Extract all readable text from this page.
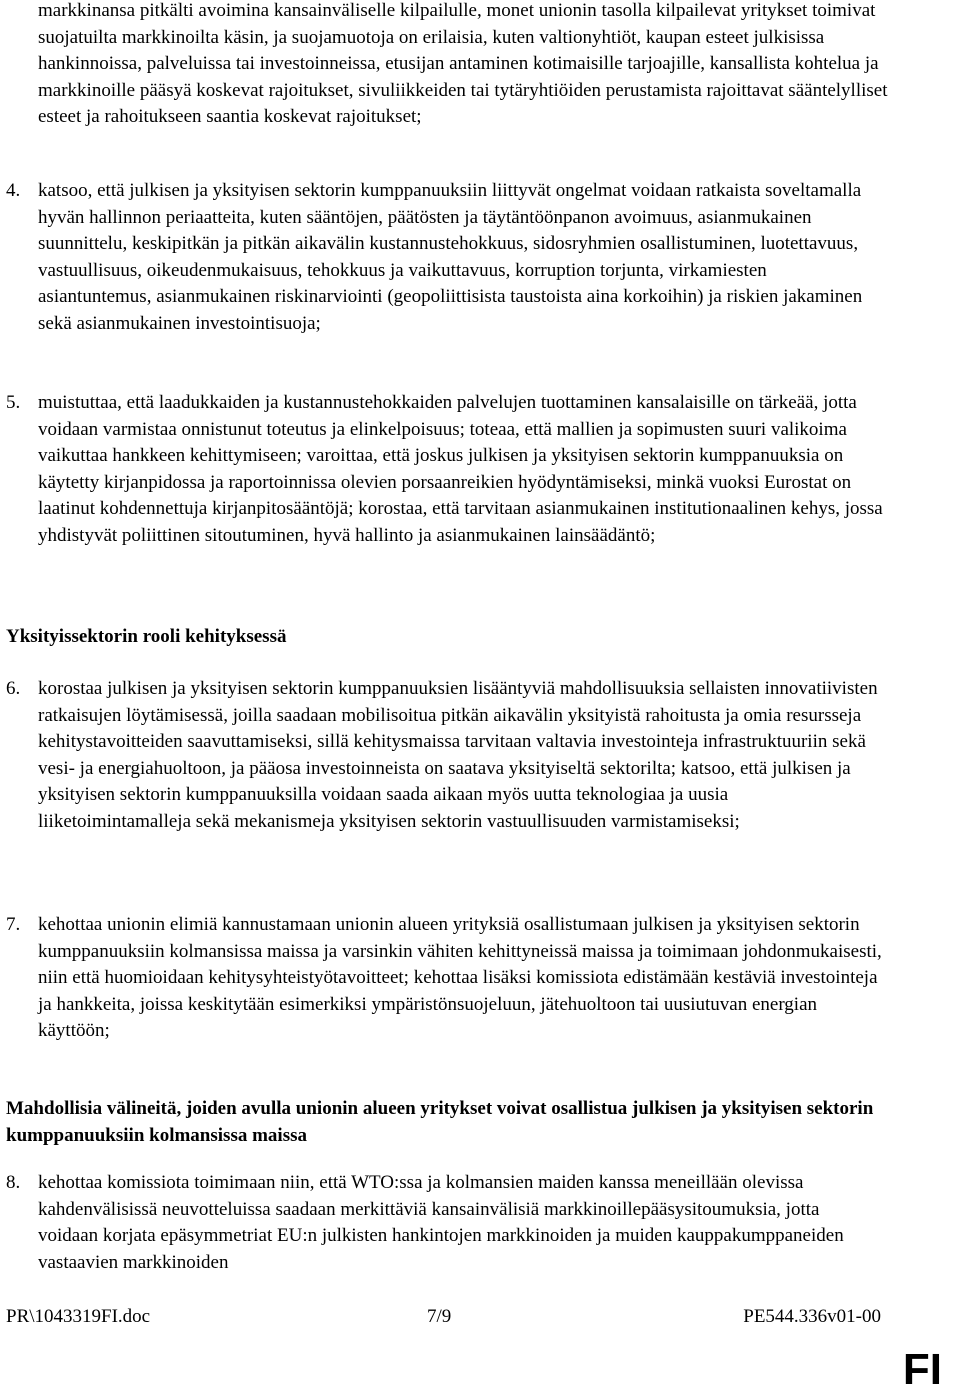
markkinansa pitkälti avoimina kansainväliselle kilpailulle, monet unionin tasolla kilpailevat yritykset toimivat suojatuilta markkinoilta käsin, ja suojamuotoja on erilaisia, kuten valtionyhtiöt, kaupan esteet julkisissa hankinnoissa, palveluissa tai investoinneissa, etusijan antaminen kotimaisille tarjoajille, kansallista kohtelua ja markkinoille pääsyä koskevat rajoitukset, sivuliikkeiden tai tytäryhtiöiden perustamista rajoittavat sääntelylliset esteet ja rahoitukseen saantia koskevat rajoitukset;

4. katsoo, että julkisen ja yksityisen sektorin kumppanuuksiin liittyvät ongelmat voidaan ratkaista soveltamalla hyvän hallinnon periaatteita, kuten sääntöjen, päätösten ja täytäntöönpanon avoimuus, asianmukainen suunnittelu, keskipitkän ja pitkän aikavälin kustannustehokkuus, sidosryhmien osallistuminen, luotettavuus, vastuullisuus, oikeudenmukaisuus, tehokkuus ja vaikuttavuus, korruption torjunta, virkamiesten asiantuntemus, asianmukainen riskinarviointi (geopoliittisista taustoista aina korkoihin) ja riskien jakaminen sekä asianmukainen investointisuoja;
5. muistuttaa, että laadukkaiden ja kustannustehokkaiden palvelujen tuottaminen kansalaisille on tärkeää, jotta voidaan varmistaa onnistunut toteutus ja elinkelpoisuus; toteaa, että mallien ja sopimusten suuri valikoima vaikuttaa hankkeen kehittymiseen; varoittaa, että joskus julkisen ja yksityisen sektorin kumppanuuksia on käytetty kirjanpidossa ja raportoinnissa olevien porsaanreikien hyödyntämiseksi, minkä vuoksi Eurostat on laatinut kohdennettuja kirjanpitosääntöjä; korostaa, että tarvitaan asianmukainen institutionaalinen kehys, jossa yhdistyvät poliittinen sitoutuminen, hyvä hallinto ja asianmukainen lainsäädäntö;
Yksityissektorin rooli kehityksessä
6. korostaa julkisen ja yksityisen sektorin kumppanuuksien lisääntyviä mahdollisuuksia sellaisten innovatiivisten ratkaisujen löytämisessä, joilla saadaan mobilisoitua pitkän aikavälin yksityistä rahoitusta ja omia resursseja kehitystavoitteiden saavuttamiseksi, sillä kehitysmaissa tarvitaan valtavia investointeja infrastruktuuriin sekä vesi- ja energiahuoltoon, ja pääosa investoinneista on saatava yksityiseltä sektorilta; katsoo, että julkisen ja yksityisen sektorin kumppanuuksilla voidaan saada aikaan myös uutta teknologiaa ja uusia liiketoimintamalleja sekä mekanismeja yksityisen sektorin vastuullisuuden varmistamiseksi;
7. kehottaa unionin elimiä kannustamaan unionin alueen yrityksiä osallistumaan julkisen ja yksityisen sektorin kumppanuuksiin kolmansissa maissa ja varsinkin vähiten kehittyneissä maissa ja toimimaan johdonmukaisesti, niin että huomioidaan kehitysyhteistyötavoitteet; kehottaa lisäksi komissiota edistämään kestäviä investointeja ja hankkeita, joissa keskitytään esimerkiksi ympäristönsuojeluun, jätehuoltoon tai uusiutuvan energian käyttöön;
Mahdollisia välineitä, joiden avulla unionin alueen yritykset voivat osallistua julkisen ja yksityisen sektorin kumppanuuksiin kolmansissa maissa
8. kehottaa komissiota toimimaan niin, että WTO:ssa ja kolmansien maiden kanssa meneillään olevissa kahdenvälisissä neuvotteluissa saadaan merkittäviä kansainvälisiä markkinoillepääsysitoumuksia, jotta voidaan korjata epäsymmetriat EU:n julkisten hankintojen markkinoiden ja muiden kauppakumppaneiden vastaavien markkinoiden
PR\1043319FI.doc	7/9	PE544.336v01-00
FI
